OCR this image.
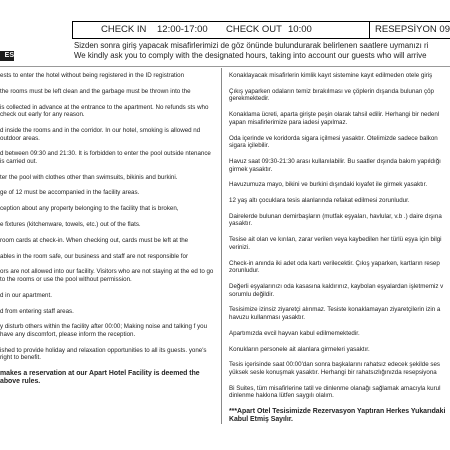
CHECK IN 12:00-17:00 CHECK OUT 10:00	RESEPSİYON 09
Sizden sonra giriş yapacak misafirlerimizi de göz önünde bulundurarak belirlenen saatlere uymanızı ri
We kindly ask you to comply with the designated hours, taking into account our guests who will arrive
ES
ests to enter the hotel without being registered in the ID registration
the rooms must be left clean and the garbage must be thrown into the
is collected in advance at the entrance to the apartment. No refunds sts who check out early for any reason.
d inside the rooms and in the corridor. In our hotel, smoking is allowed nd outdoor areas.
d between 09:30 and 21:30. It is forbidden to enter the pool outside ntenance is carried out.
ter the pool with clothes other than swimsuits, bikinis and burkini.
ge of 12 must be accompanied in the facility areas.
ception about any property belonging to the facility that is broken,
e fixtures (kitchenware, towels, etc.) out of the flats.
room cards at check-in. When checking out, cards must be left at the
ables in the room safe, our business and staff are not responsible for
ors are not allowed into our facility. Visitors who are not staying at the ed to go to the rooms or use the pool without permission.
d in our apartment.
d from entering staff areas.
y disturb others within the facility after 00:00; Making noise and talking f you have any discomfort, please inform the reception.
ished to provide holiday and relaxation opportunities to all its guests. yone's right to benefit.
makes a reservation at our Apart Hotel Facility is deemed the above rules.
Konaklayacak misafirlerin kimlik kayıt sistemine kayıt edilmeden otele giriş
Çıkış yaparken odaların temiz bırakılması ve çöplerin dışarıda bulunan çöp gerekmektedir.
Konaklama ücreti, aparta girişte peşin olarak tahsil edilir. Herhangi bir nedenl yapan misafirlerimize para iadesi yapılmaz.
Oda içerinde ve koridorda sigara içilmesi yasaktır. Otelimizde sadece balkon sigara içilebilir.
Havuz saat 09:30-21:30 arası kullanılabilir. Bu saatler dışında bakım yapıldığı girmek yasaktır.
Havuzumuza mayo, bikini ve burkini dışındaki kıyafet ile girmek yasaktır.
12 yaş altı çocuklara tesis alanlarında refakat edilmesi zorunludur.
Dairelerde bulunan demirbaşların (mutfak eşyaları, havlular, v.b .) daire dışına yasaktır.
Tesise ait olan ve kırılan, zarar verilen veya kaybedilen her türlü eşya için bilgi verinizi.
Check-in anında iki adet oda kartı verilecektir. Çıkış yaparken, kartların resep zorunludur.
Değerli eşyalarınızı oda kasasına kaldırınız, kaybolan eşyalardan işletmemiz v sorumlu değildir.
Tesisimize izinsiz ziyaretçi alınmaz. Tesiste konaklamayan ziyaretçilerin izin a havuzu kullanması yasaktır.
Apartımızda evcil hayvan kabul edilmemektedir.
Konukların personele ait alanlara girmeleri yasaktır.
Tesis içerisinde saat 00:00'dan sonra başkalarını rahatsız edecek şekilde ses yüksek sesle konuşmak yasaktır. Herhangi bir rahatsızlığınızda resepsiyona
Bi Suites, tüm misafirlerine tatil ve dinlenme olanağı sağlamak amacıyla kurul dinlenme hakkına lütfen saygılı olalım.
***Apart Otel Tesisimizde Rezervasyon Yaptıran Herkes Yukarıdaki Kabul Etmiş Sayılır.
